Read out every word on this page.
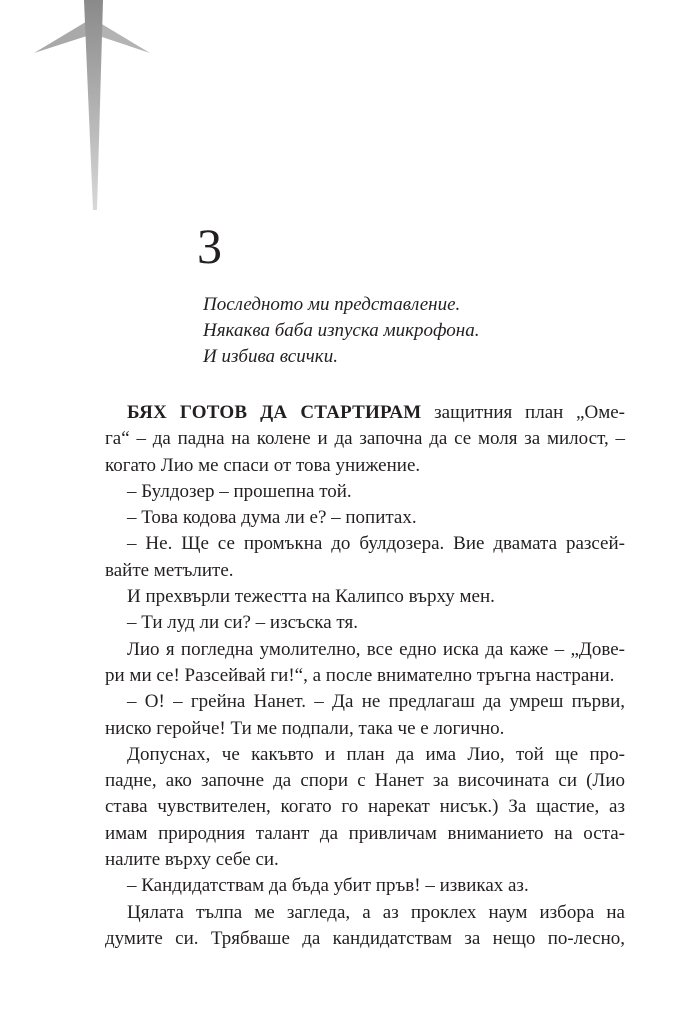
3
Последното ми представление.
Някаква баба изпуска микрофона.
И избива всички.
БЯХ ГОТОВ ДА СТАРТИРАМ защитния план „Оме-
га“ – да падна на колене и да започна да се моля за милост, –
когато Лио ме спаси от това унижение.
– Булдозер – прошепна той.
– Това кодова дума ли е? – попитах.
– Не. Ще се промъкна до булдозера. Вие двамата разсей-
вайте метълите.
И прехвърли тежестта на Калипсо върху мен.
– Ти луд ли си? – изсъска тя.
Лио я погледна умолително, все едно иска да каже – „Дове-
ри ми се! Разсейвай ги!“, а после внимателно тръгна настрани.
– О! – грейна Нанет. – Да не предлагаш да умреш първи,
ниско геройче! Ти ме подпали, така че е логично.
Допуснах, че какъвто и план да има Лио, той ще про-
падне, ако започне да спори с Нанет за височината си (Лио
става чувствителен, когато го нарекат нисък.) За щастие, аз
имам природния талант да привличам вниманието на оста-
налите върху себе си.
– Кандидатствам да бъда убит пръв! – извиках аз.
Цялата тълпа ме загледа, а аз проклех наум избора на
думите си. Трябваше да кандидатствам за нещо по-лесно,
